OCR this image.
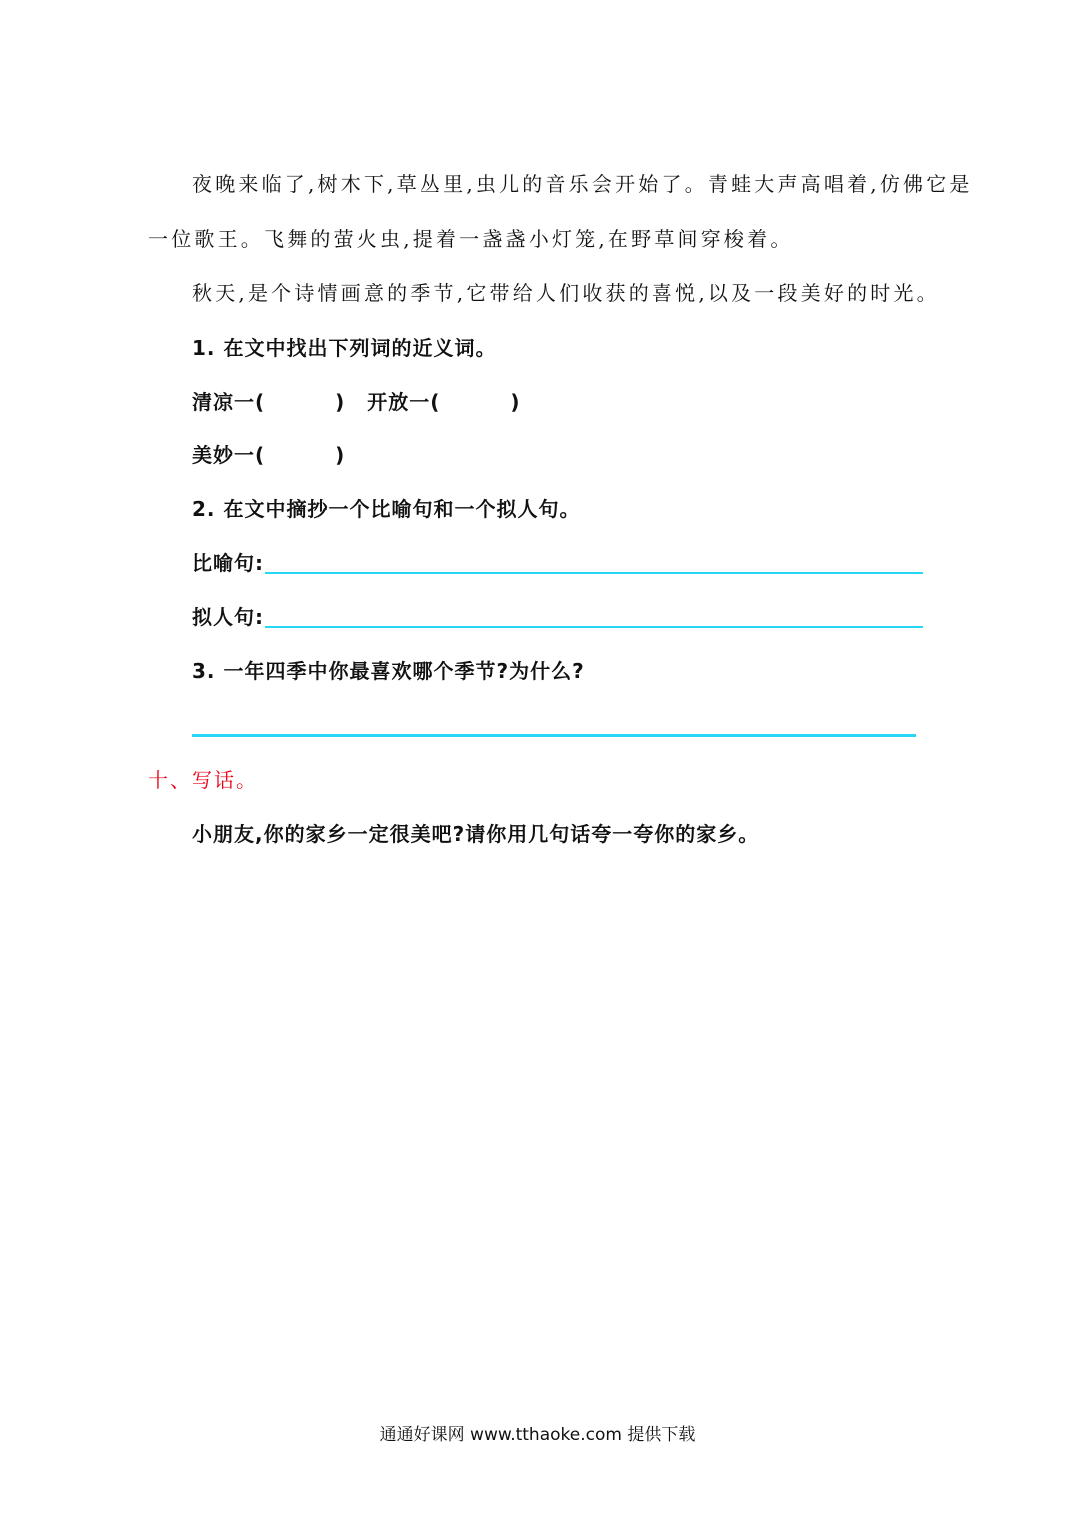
夜晚来临了,树木下,草丛里,虫儿的音乐会开始了。青蛙大声高唱着,仿佛它是
一位歌王。飞舞的萤火虫,提着一盏盏小灯笼,在野草间穿梭着。
秋天,是个诗情画意的季节,它带给人们收获的喜悦,以及一段美好的时光。
1. 在文中找出下列词的近义词。
清凉一(	) 开放一(	)
美妙一(	)
2. 在文中摘抄一个比喻句和一个拟人句。
比喻句:
拟人句:
3. 一年四季中你最喜欢哪个季节?为什么?
十、写话。
小朋友,你的家乡一定很美吧?请你用几句话夸一夸你的家乡。
通通好课网 www.tthaoke.com 提供下载
